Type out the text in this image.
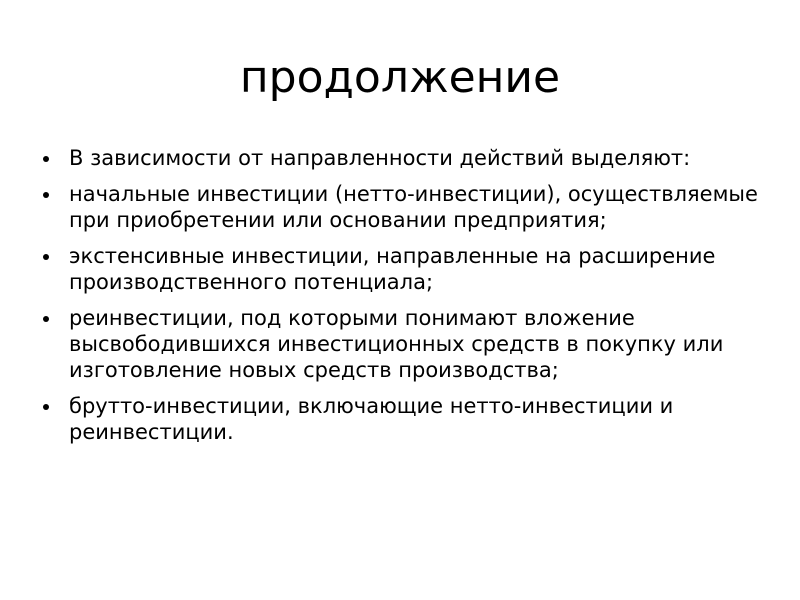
продолжение
В зависимости от направленности действий выделяют:
начальные инвестиции (нетто-инвестиции), осуществляемые при приобретении или основании предприятия;
экстенсивные инвестиции, направленные на расширение производственного потенциала;
реинвестиции, под которыми понимают вложение высвободившихся инвестиционных средств в покупку или изготовление новых средств производства;
брутто-инвестиции, включающие нетто-инвестиции и реинвестиции.
